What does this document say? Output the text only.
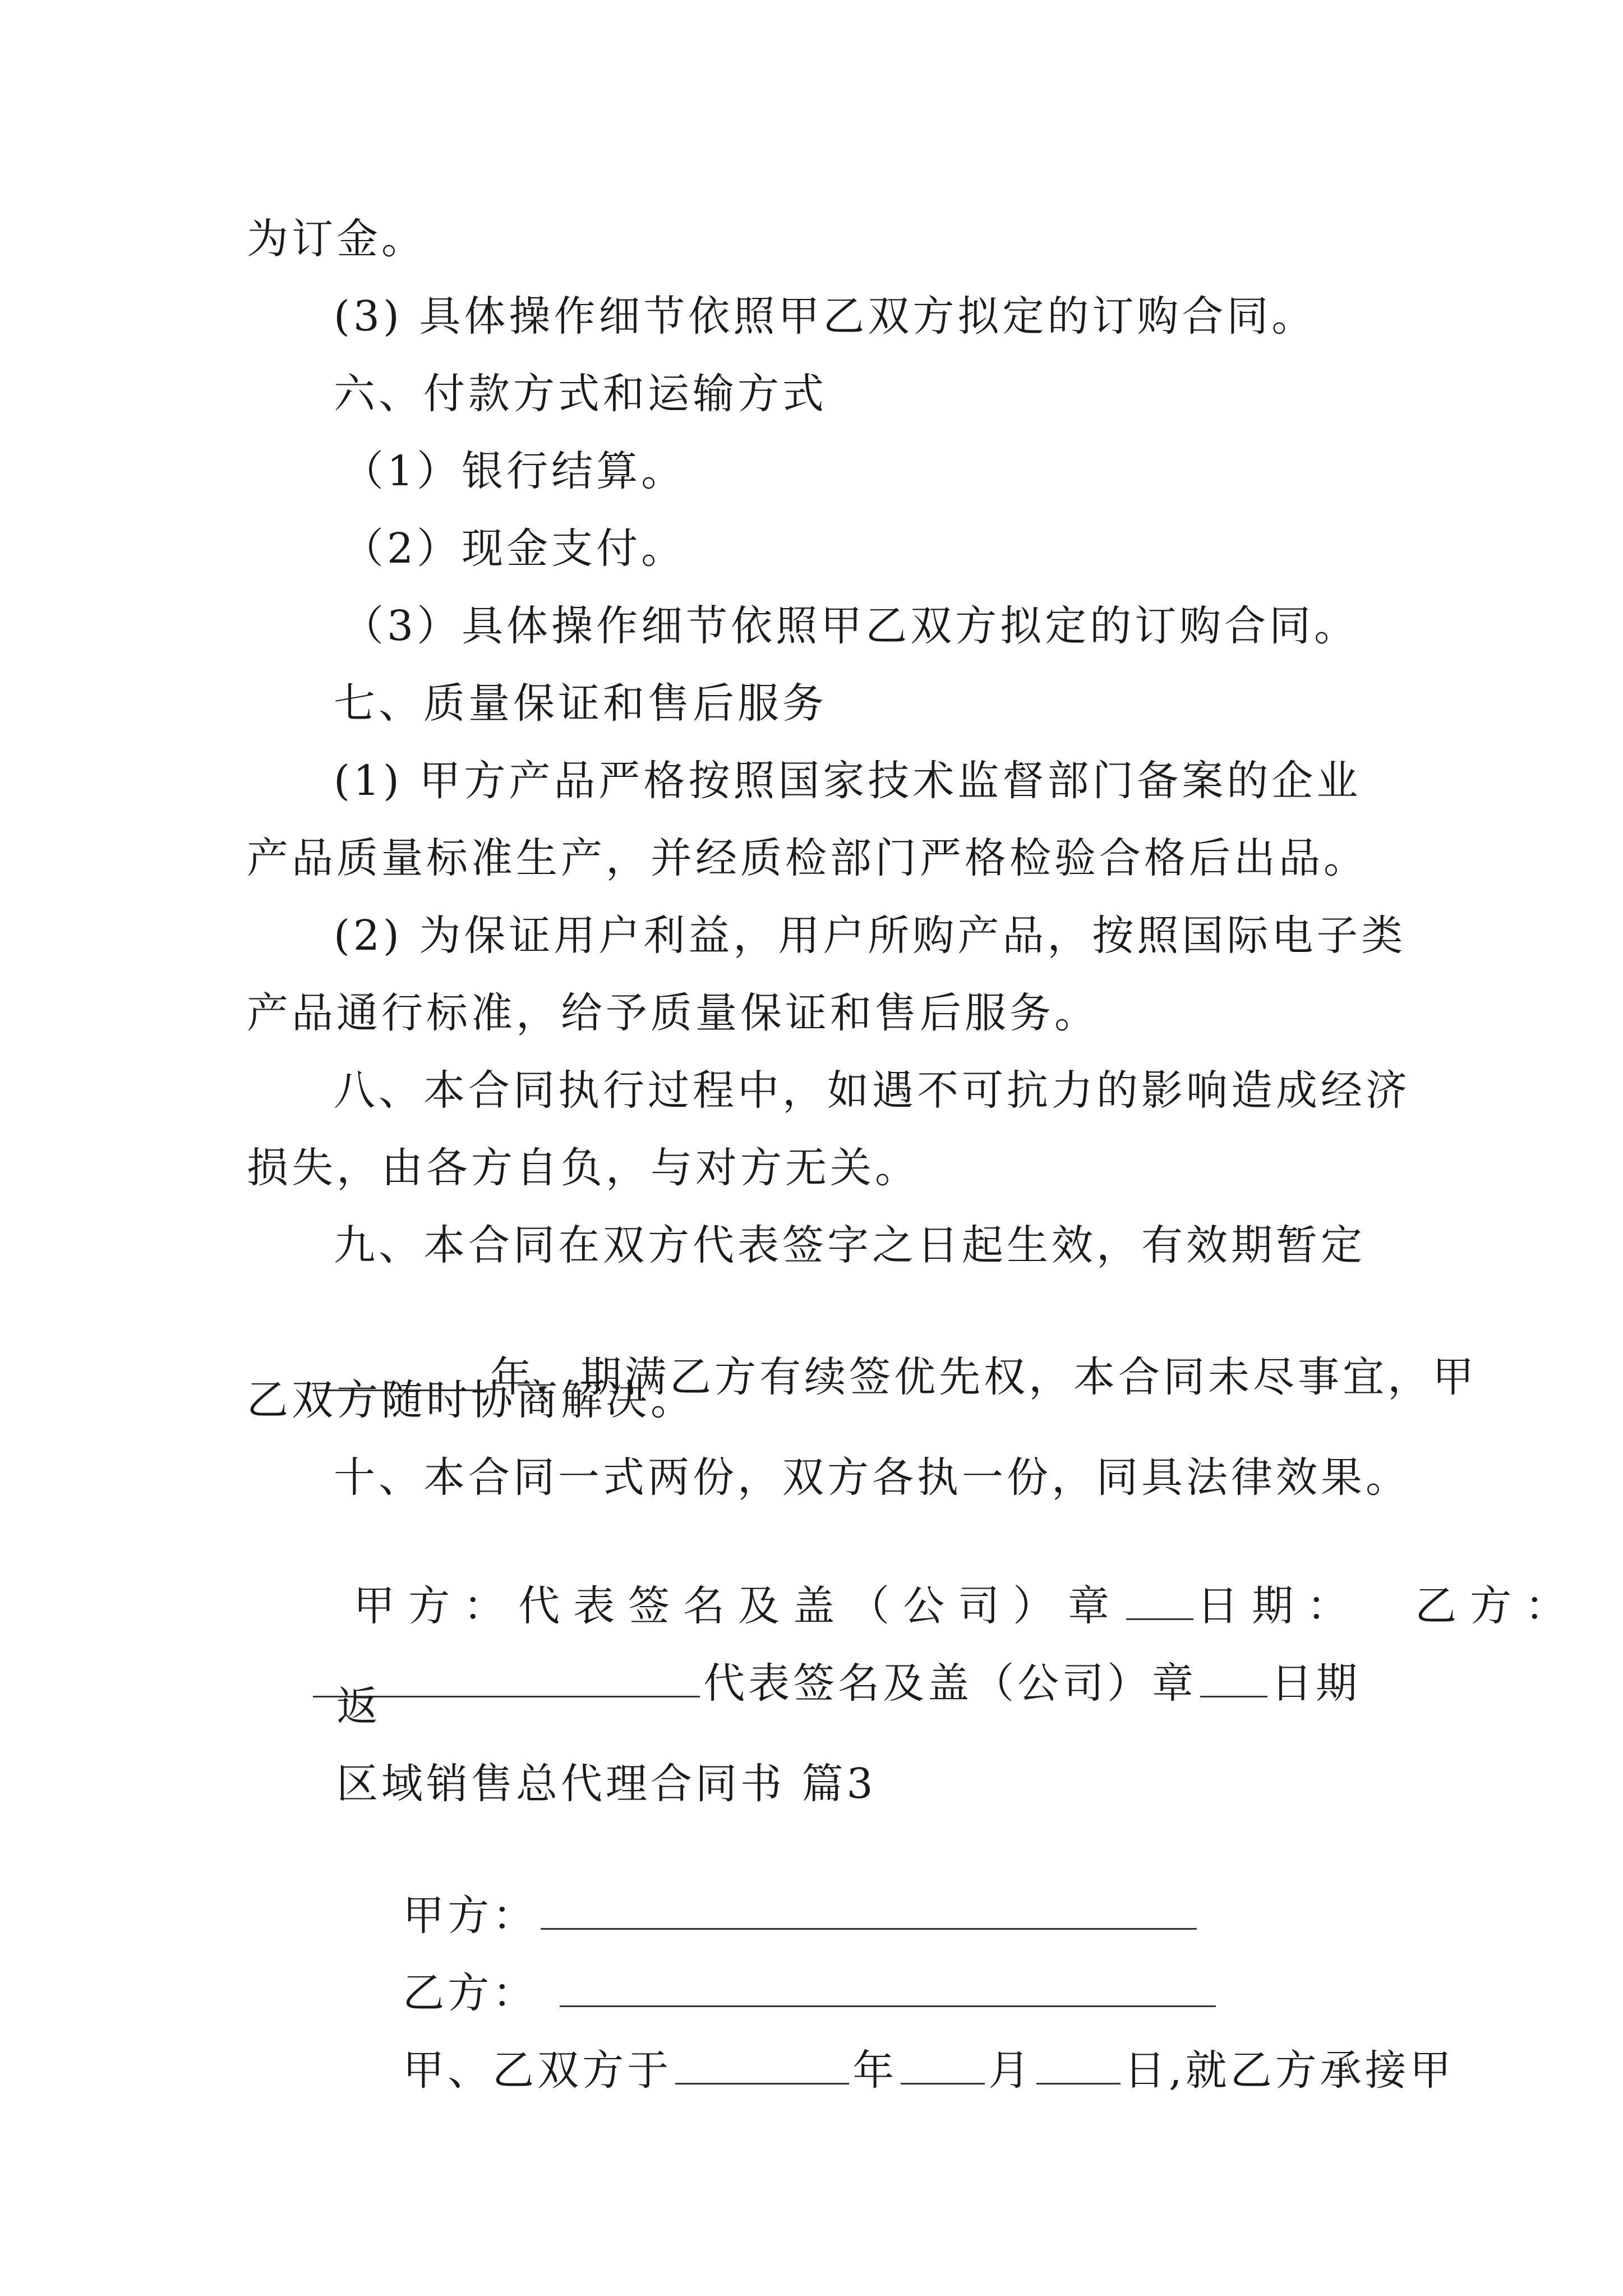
为订金。
(3) 具体操作细节依照甲乙双方拟定的订购合同。
六、付款方式和运输方式
（1）银行结算。
（2）现金支付。
（3）具体操作细节依照甲乙双方拟定的订购合同。
七、质量保证和售后服务
(1) 甲方产品严格按照国家技术监督部门备案的企业
产品质量标准生产，并经质检部门严格检验合格后出品。
(2) 为保证用户利益，用户所购产品，按照国际电子类
产品通行标准，给予质量保证和售后服务。
八、本合同执行过程中，如遇不可抗力的影响造成经济
损失，由各方自负，与对方无关。
九、本合同在双方代表签字之日起生效，有效期暂定

年，期满乙方有续签优先权，本合同未尽事宜，甲

乙双方随时协商解决。
十、本合同一式两份，双方各执一份，同具法律效果。

甲方：代表签名及盖（公司）章 日期：  乙方：

代表签名及盖（公司）章 日期

返
区域销售总代理合同书 篇3

甲方：

乙方：

甲、乙双方于	年 月 日,就乙方承接甲
